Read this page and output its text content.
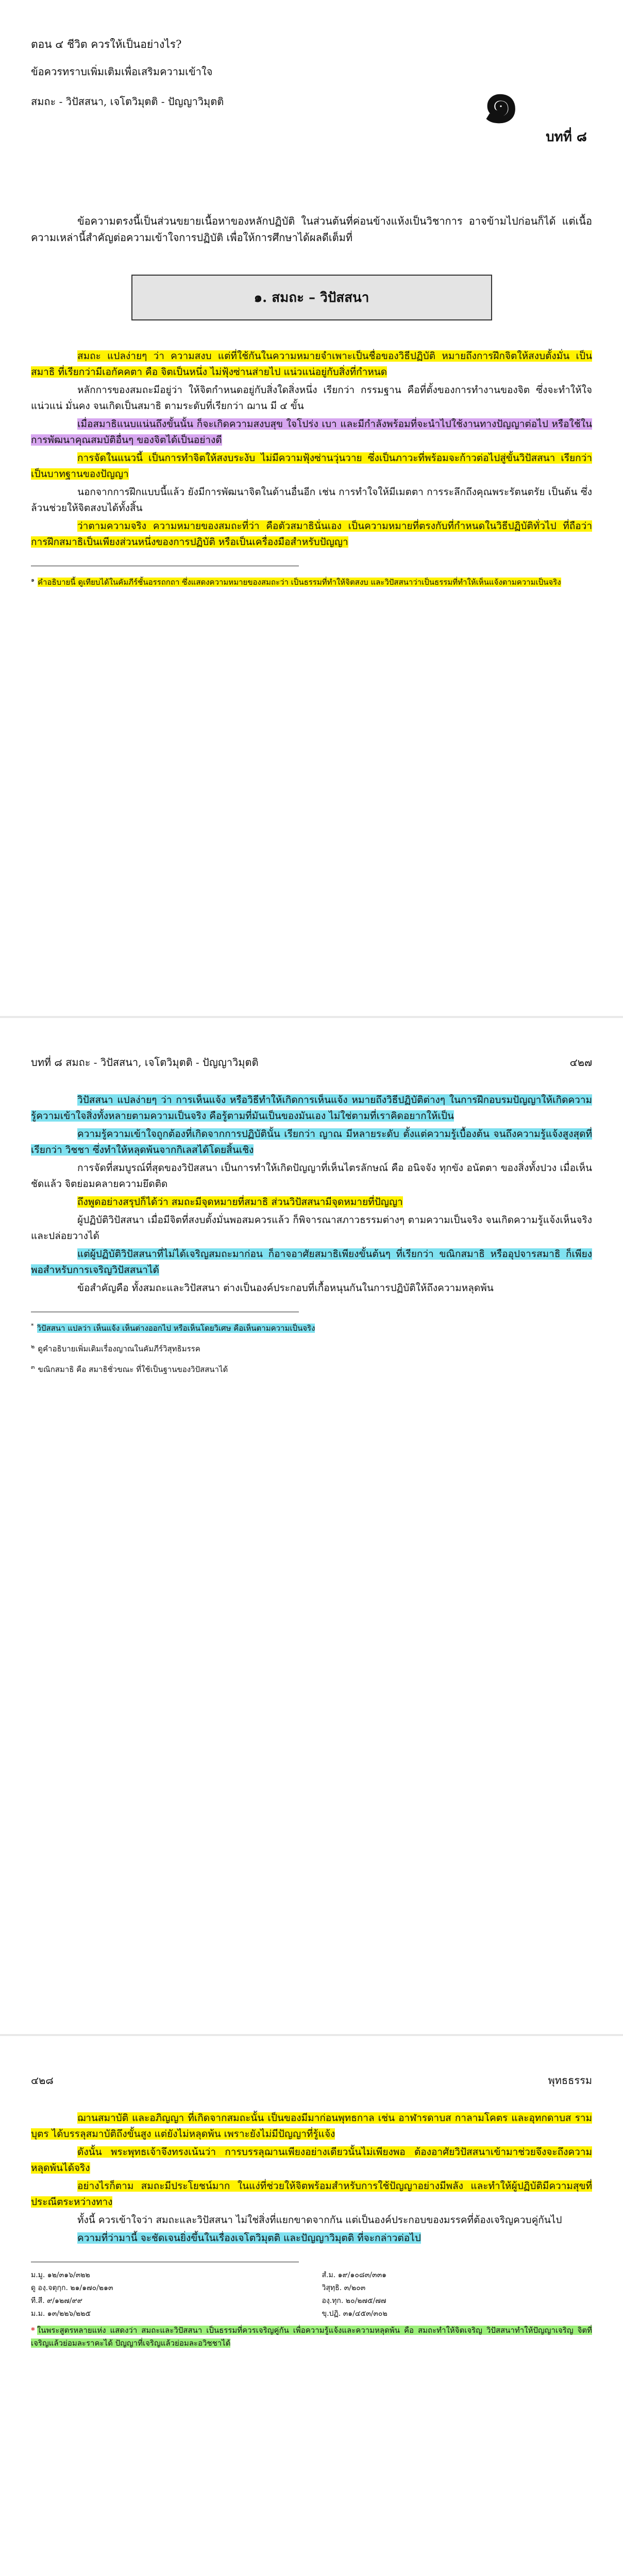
ตอน ๔ ชีวิต ควรให้เป็นอย่างไร?
ข้อควรทราบเพิ่มเติมเพื่อเสริมความเข้าใจ
สมถะ - วิปัสสนา, เจโตวิมุตติ - ปัญญาวิมุตติ	๑
บทที่ ๘

ข้อความตรงนี้เป็นส่วนขยายเนื้อหาของหลักปฏิบัติ ในส่วนต้นที่ค่อนข้างแห้งเป็นวิชาการ อาจข้ามไปก่อนก็ได้ แต่เนื้อความเหล่านี้สำคัญต่อความเข้าใจการปฏิบัติ เพื่อให้การศึกษาได้ผลดีเต็มที่

๑. สมถะ – วิปัสสนา

สมถะ แปลง่ายๆ ว่า ความสงบ แต่ที่ใช้กันในความหมายจำเพาะเป็นชื่อของวิธีปฏิบัติ หมายถึงการฝึกจิตให้สงบตั้งมั่น เป็นสมาธิ ที่เรียกว่ามีเอกัคคตา คือ จิตเป็นหนึ่ง ไม่ฟุ้งซ่านส่ายไป แน่วแน่อยู่กับสิ่งที่กำหนด

หลักการของสมถะมีอยู่ว่า ให้จิตกำหนดอยู่กับสิ่งใดสิ่งหนึ่ง เรียกว่า กรรมฐาน คือที่ตั้งของการทำงานของจิต ซึ่งจะทำให้ใจแน่วแน่ มั่นคง จนเกิดเป็นสมาธิ ตามระดับที่เรียกว่า ฌาน มี ๔ ขั้น

เมื่อสมาธิแนบแน่นถึงขั้นนั้น ก็จะเกิดความสงบสุข ใจโปร่ง เบา และมีกำลังพร้อมที่จะนำไปใช้งานทางปัญญาต่อไป หรือใช้ในการพัฒนาคุณสมบัติอื่นๆ ของจิตได้เป็นอย่างดี

การจัดในแนวนี้ เป็นการทำจิตให้สงบระงับ ไม่มีความฟุ้งซ่านวุ่นวาย ซึ่งเป็นภาวะที่พร้อมจะก้าวต่อไปสู่ขั้นวิปัสสนา เรียกว่าเป็นบาทฐานของปัญญา

นอกจากการฝึกแบบนี้แล้ว ยังมีการพัฒนาจิตในด้านอื่นอีก เช่น การทำใจให้มีเมตตา การระลึกถึงคุณพระรัตนตรัย เป็นต้น ซึ่งล้วนช่วยให้จิตสงบได้ทั้งสิ้น

ว่าตามความจริง ความหมายของสมถะที่ว่า คือตัวสมาธินั่นเอง เป็นความหมายที่ตรงกับที่กำหนดในวิธีปฏิบัติทั่วไป ที่ถือว่าการฝึกสมาธิเป็นเพียงส่วนหนึ่งของการปฏิบัติ หรือเป็นเครื่องมือสำหรับปัญญา

$^๑$ คำอธิบายนี้ ดูเทียบได้ในคัมภีร์ชั้นอรรถกถา ซึ่งแสดงความหมายของสมถะว่า เป็นธรรมที่ทำให้จิตสงบ และวิปัสสนาว่าเป็นธรรมที่ทำให้เห็นแจ้งตามความเป็นจริง

บทที่ ๘ สมถะ - วิปัสสนา, เจโตวิมุตติ - ปัญญาวิมุตติ	๔๒๗

วิปัสสนา แปลง่ายๆ ว่า การเห็นแจ้ง หรือวิธีทำให้เกิดการเห็นแจ้ง หมายถึงวิธีปฏิบัติต่างๆ ในการฝึกอบรมปัญญาให้เกิดความรู้ความเข้าใจสิ่งทั้งหลายตามความเป็นจริง คือรู้ตามที่มันเป็นของมันเอง ไม่ใช่ตามที่เราคิดอยากให้เป็น

ความรู้ความเข้าใจถูกต้องที่เกิดจากการปฏิบัตินั้น เรียกว่า ญาณ มีหลายระดับ ตั้งแต่ความรู้เบื้องต้น จนถึงความรู้แจ้งสูงสุดที่เรียกว่า วิชชา ซึ่งทำให้หลุดพ้นจากกิเลสได้โดยสิ้นเชิง

การจัดที่สมบูรณ์ที่สุดของวิปัสสนา เป็นการทำให้เกิดปัญญาที่เห็นไตรลักษณ์ คือ อนิจจัง ทุกขัง อนัตตา ของสิ่งทั้งปวง เมื่อเห็นชัดแล้ว จิตย่อมคลายความยึดติด

ถึงพูดอย่างสรุปก็ได้ว่า สมถะมีจุดหมายที่สมาธิ ส่วนวิปัสสนามีจุดหมายที่ปัญญา

ผู้ปฏิบัติวิปัสสนา เมื่อมีจิตที่สงบตั้งมั่นพอสมควรแล้ว ก็พิจารณาสภาวธรรมต่างๆ ตามความเป็นจริง จนเกิดความรู้แจ้งเห็นจริง และปล่อยวางได้

แต่ผู้ปฏิบัติวิปัสสนาที่ไม่ได้เจริญสมถะมาก่อน ก็อาจอาศัยสมาธิเพียงขั้นต้นๆ ที่เรียกว่า ขณิกสมาธิ หรืออุปจารสมาธิ ก็เพียงพอสำหรับการเจริญวิปัสสนาได้

ข้อสำคัญคือ ทั้งสมถะและวิปัสสนา ต่างเป็นองค์ประกอบที่เกื้อหนุนกันในการปฏิบัติให้ถึงความหลุดพ้น

* วิปัสสนา แปลว่า เห็นแจ้ง เห็นต่างออกไป หรือเห็นโดยวิเศษ คือเห็นตามความเป็นจริง

$^๒$ ดูคำอธิบายเพิ่มเติมเรื่องญาณในคัมภีร์วิสุทธิมรรค

$^๓$ ขณิกสมาธิ คือ สมาธิชั่วขณะ ที่ใช้เป็นฐานของวิปัสสนาได้

๔๒๘	พุทธธรรม

ฌานสมาบัติ และอภิญญา ที่เกิดจากสมถะนั้น เป็นของมีมาก่อนพุทธกาล เช่น อาฬารดาบส กาลามโคตร และอุทกดาบส รามบุตร ได้บรรลุสมาบัติถึงขั้นสูง แต่ยังไม่หลุดพ้น เพราะยังไม่มีปัญญาที่รู้แจ้ง

ดังนั้น พระพุทธเจ้าจึงทรงเน้นว่า การบรรลุฌานเพียงอย่างเดียวนั้นไม่เพียงพอ ต้องอาศัยวิปัสสนาเข้ามาช่วยจึงจะถึงความหลุดพ้นได้จริง

อย่างไรก็ตาม สมถะมีประโยชน์มาก ในแง่ที่ช่วยให้จิตพร้อมสำหรับการใช้ปัญญาอย่างมีพลัง และทำให้ผู้ปฏิบัติมีความสุขที่ประณีตระหว่างทาง

ทั้งนี้ ควรเข้าใจว่า สมถะและวิปัสสนา ไม่ใช่สิ่งที่แยกขาดจากกัน แต่เป็นองค์ประกอบของมรรคที่ต้องเจริญควบคู่กันไป

ความที่ว่ามานี้ จะชัดเจนยิ่งขึ้นในเรื่องเจโตวิมุตติ และปัญญาวิมุตติ ที่จะกล่าวต่อไป

ม.มู. ๑๒/๓๑๖/๓๒๒	สํ.ม. ๑๙/๑๐๘๓/๓๓๑
ดู องฺ.จตุกฺก. ๒๑/๑๗๐/๒๑๓	วิสุทฺธิ. ๓/๒๐๓
ที.สี. ๙/๑๒๗/๙๙	องฺ.ทุก. ๒๐/๒๗๕/๗๗
ม.ม. ๑๓/๒๒๖/๒๒๕	ขุ.ปฏิ. ๓๑/๔๕๓/๓๐๒

* ในพระสูตรหลายแห่ง แสดงว่า สมถะและวิปัสสนา เป็นธรรมที่ควรเจริญคู่กัน เพื่อความรู้แจ้งและความหลุดพ้น คือ สมถะทำให้จิตเจริญ วิปัสสนาทำให้ปัญญาเจริญ จิตที่เจริญแล้วย่อมละราคะได้ ปัญญาที่เจริญแล้วย่อมละอวิชชาได้
